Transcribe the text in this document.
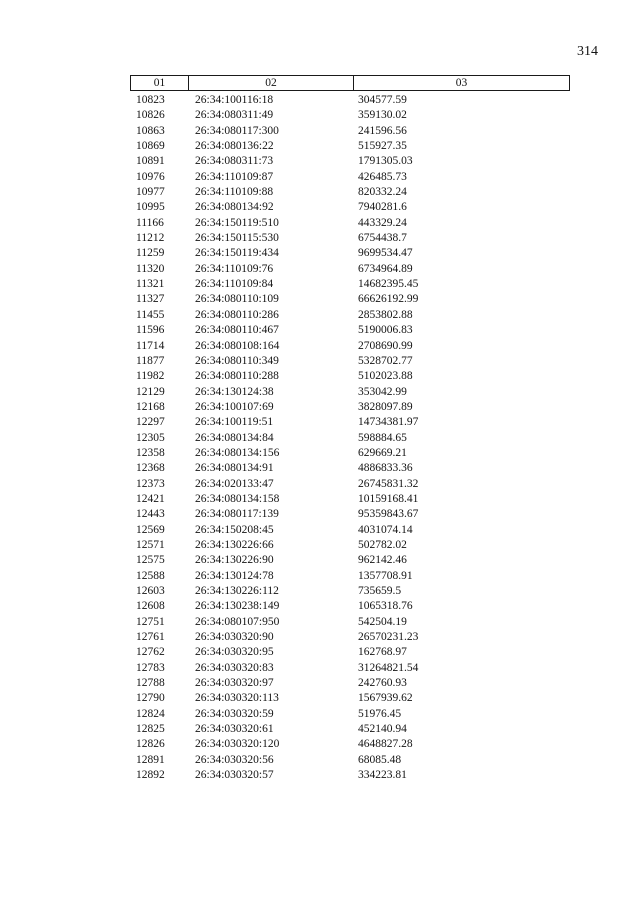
314
01	02	03
10823	26:34:100116:18	304577.59
10826	26:34:080311:49	359130.02
10863	26:34:080117:300	241596.56
10869	26:34:080136:22	515927.35
10891	26:34:080311:73	1791305.03
10976	26:34:110109:87	426485.73
10977	26:34:110109:88	820332.24
10995	26:34:080134:92	7940281.6
11166	26:34:150119:510	443329.24
11212	26:34:150115:530	6754438.7
11259	26:34:150119:434	9699534.47
11320	26:34:110109:76	6734964.89
11321	26:34:110109:84	14682395.45
11327	26:34:080110:109	66626192.99
11455	26:34:080110:286	2853802.88
11596	26:34:080110:467	5190006.83
11714	26:34:080108:164	2708690.99
11877	26:34:080110:349	5328702.77
11982	26:34:080110:288	5102023.88
12129	26:34:130124:38	353042.99
12168	26:34:100107:69	3828097.89
12297	26:34:100119:51	14734381.97
12305	26:34:080134:84	598884.65
12358	26:34:080134:156	629669.21
12368	26:34:080134:91	4886833.36
12373	26:34:020133:47	26745831.32
12421	26:34:080134:158	10159168.41
12443	26:34:080117:139	95359843.67
12569	26:34:150208:45	4031074.14
12571	26:34:130226:66	502782.02
12575	26:34:130226:90	962142.46
12588	26:34:130124:78	1357708.91
12603	26:34:130226:112	735659.5
12608	26:34:130238:149	1065318.76
12751	26:34:080107:950	542504.19
12761	26:34:030320:90	26570231.23
12762	26:34:030320:95	162768.97
12783	26:34:030320:83	31264821.54
12788	26:34:030320:97	242760.93
12790	26:34:030320:113	1567939.62
12824	26:34:030320:59	51976.45
12825	26:34:030320:61	452140.94
12826	26:34:030320:120	4648827.28
12891	26:34:030320:56	68085.48
12892	26:34:030320:57	334223.81
